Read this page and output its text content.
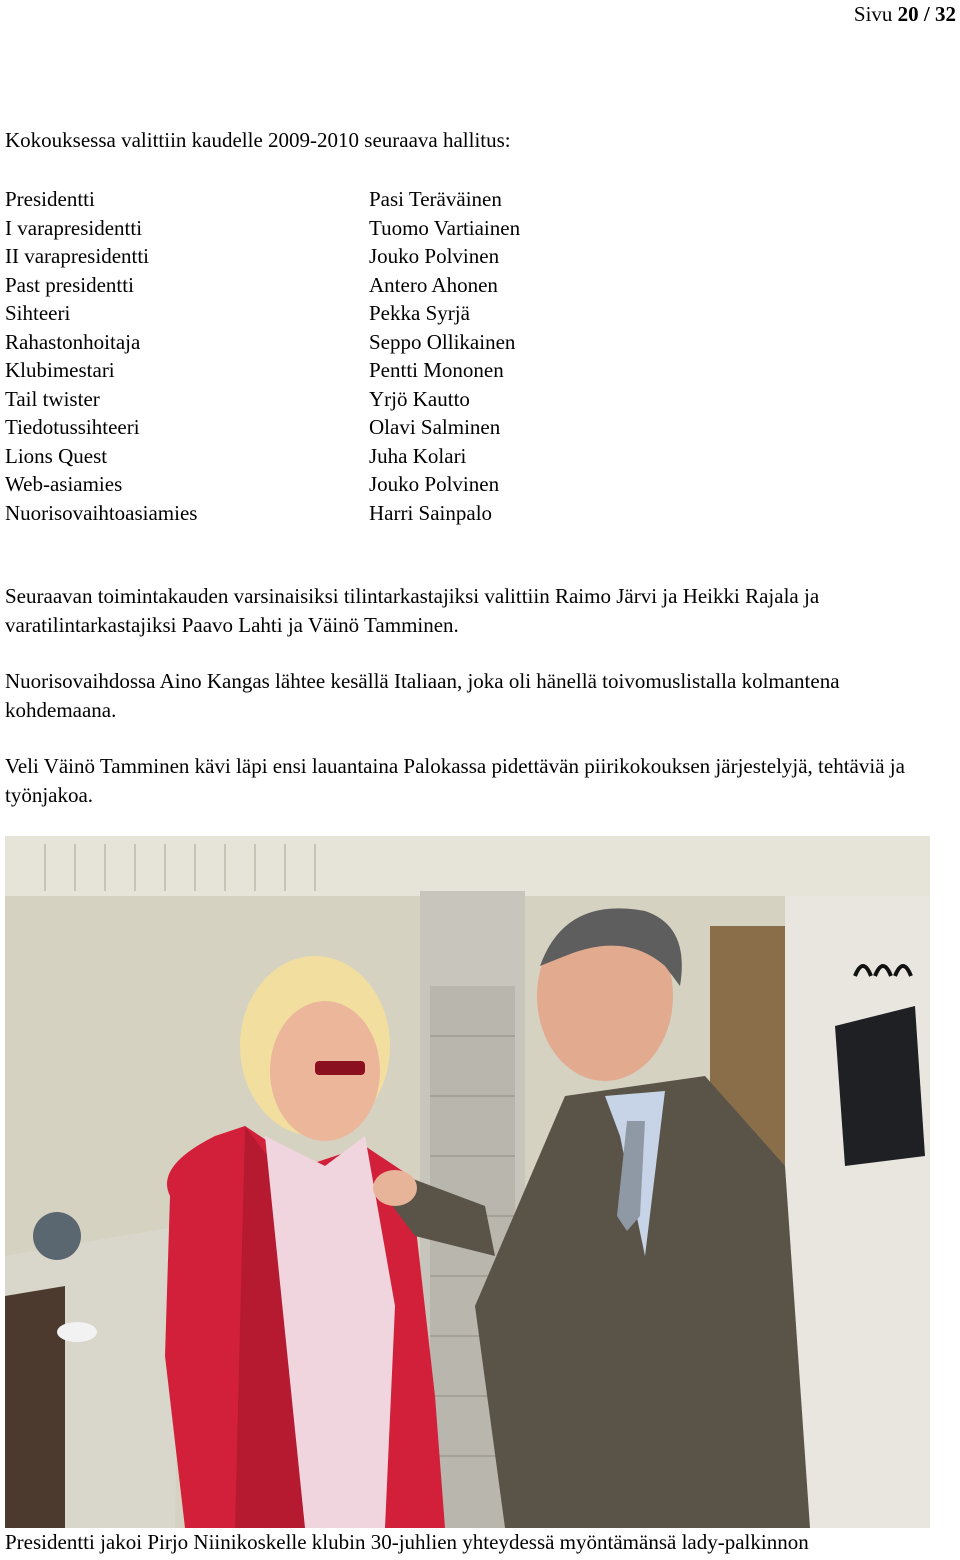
Sivu 20 / 32

Kokouksessa valittiin kaudelle 2009-2010 seuraava hallitus:

Presidentti	Pasi Teräväinen
I varapresidentti	Tuomo Vartiainen
II varapresidentti	Jouko Polvinen
Past presidentti	Antero Ahonen
Sihteeri	Pekka Syrjä
Rahastonhoitaja	Seppo Ollikainen
Klubimestari	Pentti Mononen
Tail twister	Yrjö Kautto
Tiedotussihteeri	Olavi Salminen
Lions Quest	Juha Kolari
Web-asiamies	Jouko Polvinen
Nuorisovaihtoasiamies	Harri Sainpalo

Seuraavan toimintakauden varsinaisiksi tilintarkastajiksi valittiin Raimo Järvi ja Heikki Rajala ja varatilintarkastajiksi Paavo Lahti ja Väinö Tamminen.

Nuorisovaihdossa Aino Kangas lähtee kesällä Italiaan, joka oli hänellä toivomuslistalla kolmantena kohdemaana.

Veli Väinö Tamminen kävi läpi ensi lauantaina Palokassa pidettävän piirikokouksen järjestelyjä, tehtäviä ja työnjakoa.

Presidentti jakoi Pirjo Niinikoskelle klubin 30-juhlien yhteydessä myöntämänsä lady-palkinnon
